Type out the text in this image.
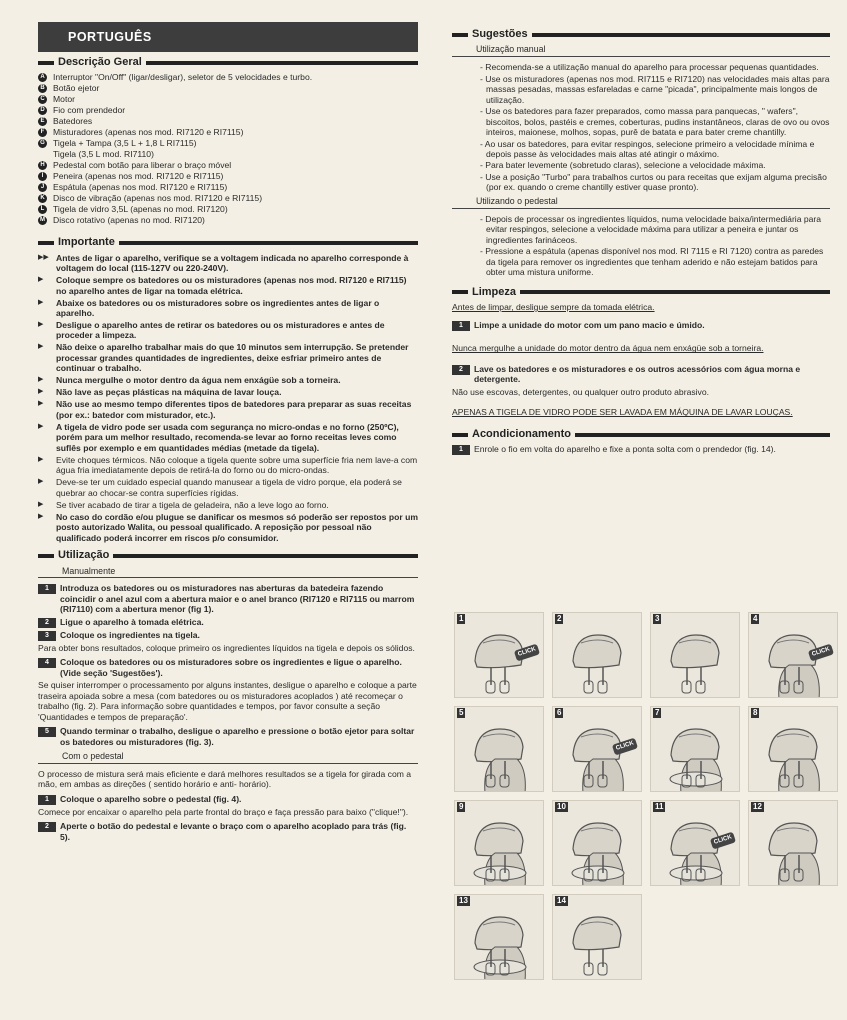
PORTUGUÊS
Descrição Geral
A Interruptor "On/Off" (ligar/desligar), seletor de 5 velocidades e turbo.
B Botão ejetor
C Motor
D Fio com prendedor
E Batedores
F	Misturadores (apenas nos mod. RI7120 e RI7115)
G Tigela + Tampa (3,5 L + 1,8 L RI7115)
Tigela (3,5 L mod. RI7110)
H Pedestal com botão para liberar o braço móvel
I	Peneira (apenas nos mod. RI7120 e RI7115)
J	Espátula (apenas nos mod. RI7120 e RI7115)
K Disco de vibração (apenas nos mod. RI7120 e RI7115)
L	Tigela de vidro 3,5L (apenas no mod. RI7120)
M Disco rotativo (apenas no mod. RI7120)
Importante
▶▶ Antes de ligar o aparelho, verifique se a voltagem indicada no aparelho corresponde à voltagem do local (115-127V ou 220-240V).
▶	Coloque sempre os batedores ou os misturadores (apenas nos mod. RI7120 e RI7115) no aparelho antes de ligar na tomada elétrica.
▶	Abaixe os batedores ou os misturadores sobre os ingredientes antes de ligar o aparelho.
▶	Desligue o aparelho antes de retirar os batedores ou os misturadores e antes de proceder a limpeza.
▶	Não deixe o aparelho trabalhar mais do que 10 minutos sem interrupção. Se pretender processar grandes quantidades de ingredientes, deixe esfriar primeiro antes de continuar o trabalho.
▶	Nunca mergulhe o motor dentro da água nem enxágüe sob a torneira.
▶	Não lave as peças plásticas na máquina de lavar louça.
▶	Não use ao mesmo tempo diferentes tipos de batedores para preparar as suas receitas (por ex.: batedor com misturador, etc.).
▶	A tigela de vidro pode ser usada com segurança no micro-ondas e no forno (250ºC), porém para um melhor resultado, recomenda-se levar ao forno receitas leves como suflês por exemplo e em quantidades médias (metade da tigela).
▶	Evite choques térmicos. Não coloque a tigela quente sobre uma superfície fria nem lave-a com água fria imediatamente depois de retirá-la do forno ou do micro-ondas.
▶	Deve-se ter um cuidado especial quando manusear a tigela de vidro porque, ela poderá se quebrar ao chocar-se contra superfícies rígidas.
▶	Se tiver acabado de tirar a tigela de geladeira, não a leve logo ao forno.
▶	No caso do cordão e/ou plugue se danificar os mesmos só poderão ser repostos por um posto autorizado Walita, ou pessoal qualificado. A reposição por pessoal não qualificado poderá incorrer em riscos p/o consumidor.
Utilização
Manualmente
1	Introduza os batedores ou os misturadores nas aberturas da batedeira fazendo coincidir o anel azul com a abertura maior e o anel branco (RI7120 e RI7115 ou marrom (RI7110) com a abertura menor (fig 1).
2	Ligue o aparelho à tomada elétrica.
3	Coloque os ingredientes na tigela.

Para obter bons resultados, coloque primeiro os ingredientes líquidos na tigela e depois os sólidos.

4	Coloque os batedores ou os misturadores sobre os ingredientes e ligue o aparelho. (Vide seção 'Sugestões').

Se quiser interromper o processamento por alguns instantes, desligue o aparelho e coloque a parte traseira apoiada sobre a mesa (com batedores ou os misturadores acoplados ) até recomeçar o trabalho (fig. 2). Para informação sobre quantidades e tempos, por favor consulte a seção 'Quantidades e tempos de preparação'.

5	Quando terminar o trabalho, desligue o aparelho e pressione o botão ejetor para soltar os batedores ou misturadores (fig. 3).
Com o pedestal

O processo de mistura será mais eficiente e dará melhores resultados se a tigela for girada com a mão, em ambas as direções ( sentido horário e anti- horário).

1	Coloque o aparelho sobre o pedestal (fig. 4).

Comece por encaixar o aparelho pela parte frontal do braço e faça pressão para baixo ("clique!").

2	Aperte o botão do pedestal e levante o braço com o aparelho acoplado para trás (fig. 5).
Sugestões
Utilização manual
- Recomenda-se a utilização manual do aparelho para processar pequenas quantidades.
- Use os misturadores (apenas nos mod. RI7115 e RI7120) nas velocidades mais altas para massas pesadas, massas esfareladas e carne "picada", principalmente mais longos de utilização.
- Use os batedores para fazer preparados, como massa para panquecas, " wafers", biscoitos, bolos, pastéis e cremes, coberturas, pudins instantâneos, claras de ovo ou ovos inteiros, maionese, molhos, sopas, purê de batata e para bater creme chantilly.
- Ao usar os batedores, para evitar respingos, selecione primeiro a velocidade mínima e depois passe às velocidades mais altas até atingir o máximo.
- Para bater levemente (sobretudo claras), selecione a velocidade máxima.
- Use a posição "Turbo" para trabalhos curtos ou para receitas que exijam alguma precisão (por ex. quando o creme chantilly estiver quase pronto).
Utilizando o pedestal
- Depois de processar os ingredientes líquidos, numa velocidade baixa/intermediária para evitar respingos, selecione a velocidade máxima para utilizar a peneira e juntar os ingredientes farináceos.
- Pressione a espátula (apenas disponível nos mod. RI 7115 e RI 7120) contra as paredes da tigela para remover os ingredientes que tenham aderido e não estejam batidos para obter uma mistura uniforme.
Limpeza

Antes de limpar, desligue sempre da tomada elétrica.

1	Limpe a unidade do motor com um pano macio e úmido.

Nunca mergulhe a unidade do motor dentro da água nem enxágüe sob a torneira.

2	Lave os batedores e os misturadores e os outros acessórios com água morna e detergente.

Não use escovas, detergentes, ou qualquer outro produto abrasivo.

APENAS A TIGELA DE VIDRO PODE SER LAVADA EM MÁQUINA DE LAVAR LOUÇAS.

Acondicionamento
1	Enrole o fio em volta do aparelho e fixe a ponta solta com o prendedor (fig. 14).
1
CLICK
2	3	4
CLICK
5	6
CLICK
7	8
9	10	11
CLICK
12
13	14
